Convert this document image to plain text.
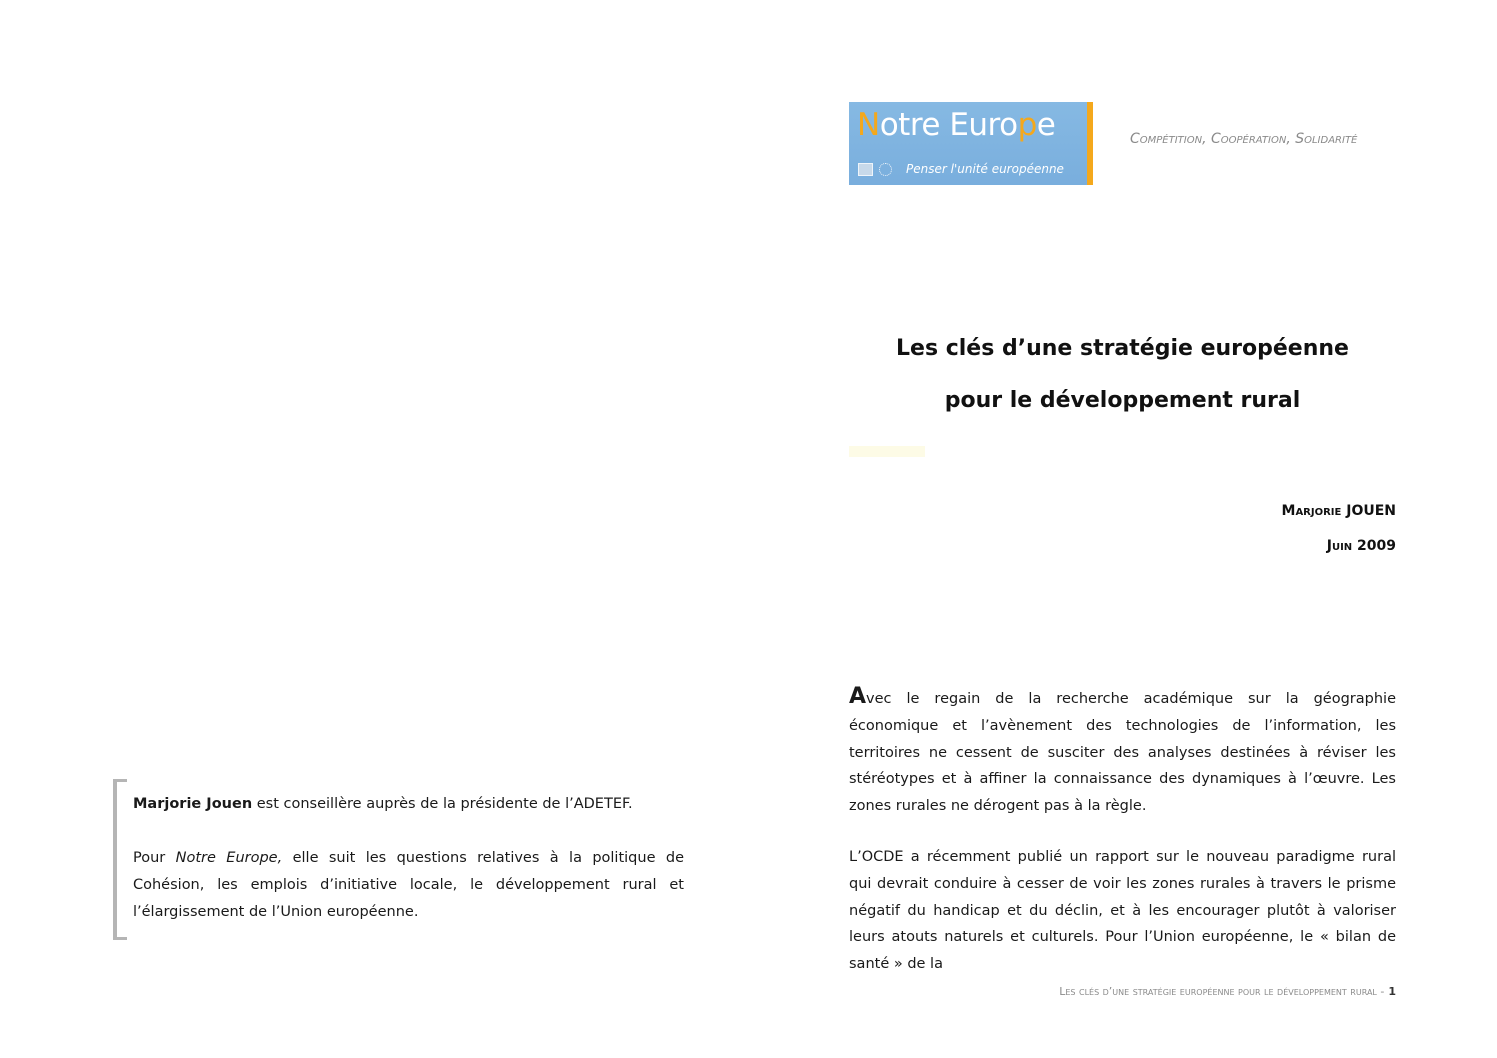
Notre Europe
Penser l'unité européenne
Compétition, Coopération, Solidarité
Les clés d’une stratégie européenne
pour le développement rural
Marjorie JOUEN
Juin 2009
Avec le regain de la recherche académique sur la géographie économique et l’avènement des technologies de l’information, les territoires ne cessent de susciter des analyses destinées à réviser les stéréotypes et à affiner la connaissance des dynamiques à l’œuvre. Les zones rurales ne dérogent pas à la règle.
L’OCDE a récemment publié un rapport sur le nouveau paradigme rural qui devrait conduire à cesser de voir les zones rurales à travers le prisme négatif du handicap et du déclin, et à les encourager plutôt à valoriser leurs atouts naturels et culturels. Pour l’Union européenne, le « bilan de santé » de la
Marjorie Jouen est conseillère auprès de la présidente de l’ADETEF.
Pour Notre Europe, elle suit les questions relatives à la politique de Cohésion, les emplois d’initiative locale, le développement rural et l’élargissement de l’Union européenne.
Les clés d’une stratégie européenne pour le développement rural - 1
